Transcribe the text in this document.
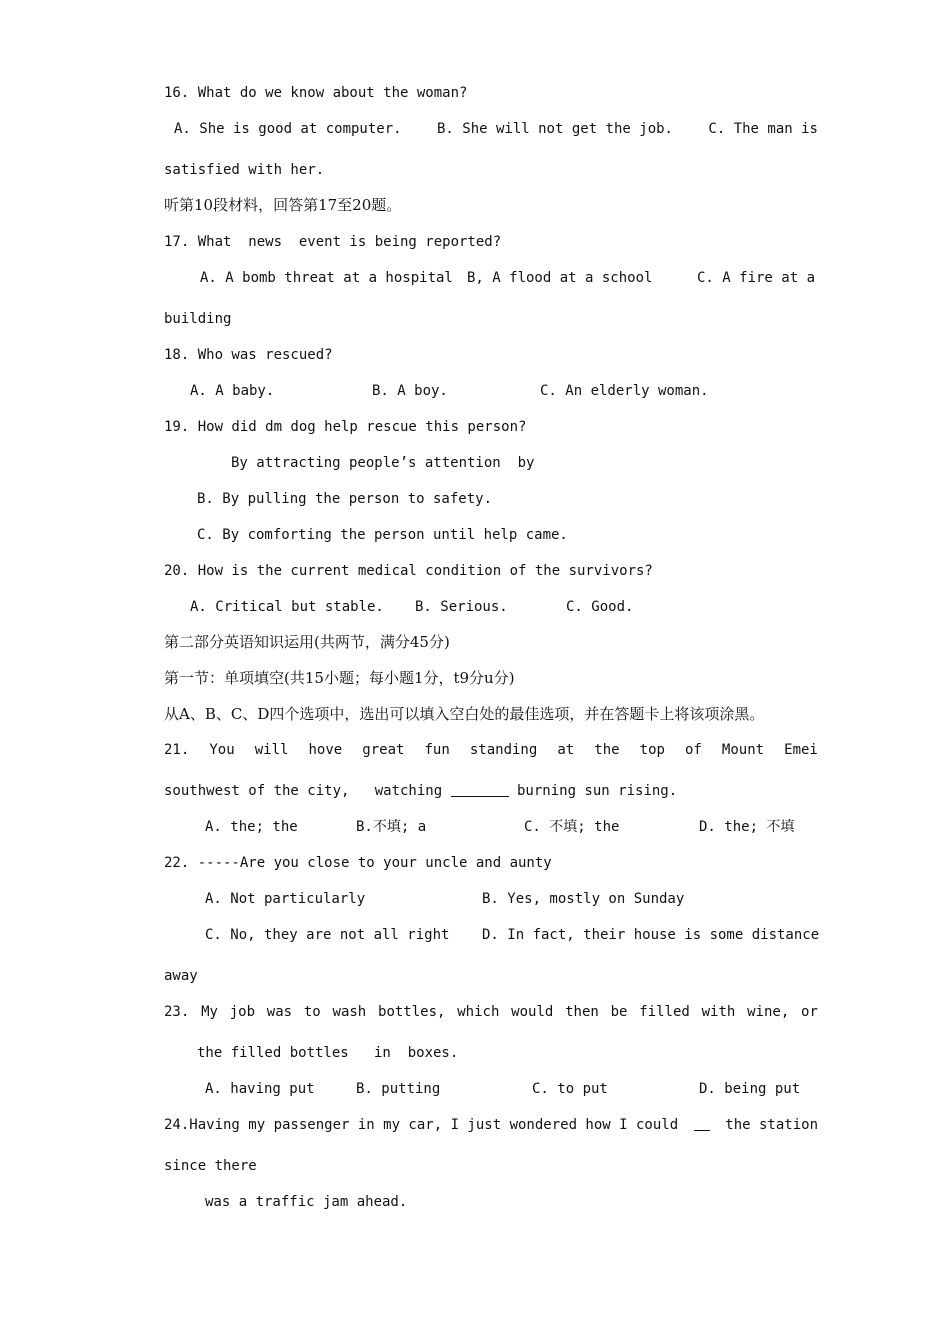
16. What do we know about the woman?
A. She is good at computer.	B. She will not get the job.	C. The man is
satisfied with her.
听第10段材料，回答第17至20题。
17. What  news  event is being reported?
A. A bomb threat at a hospital B, A flood at a school	C. A fire at a
building
18. Who was rescued?
A. A baby.	B. A boy.	C. An elderly woman.
19. How did dm dog help rescue this person?
By attracting people’s attention  by
B. By pulling the person to safety.
C. By comforting the person until help came.
20. How is the current medical condition of the survivors?
A. Critical but stable. B. Serious.	C. Good.
第二部分英语知识运用(共两节，满分45分)
第一节：单项填空(共15小题；每小题1分，t9分u分)
从A、B、C、D四个选项中，选出可以填入空白处的最佳选项，并在答题卡上将该项涂黑。
21. You will hove great fun standing at the top of Mount Emei
southwest of the city,   watching	burning sun rising.
A. the; the	B.不填; a	C. 不填; the	D. the; 不填
22. -----Are you close to your uncle and aunty
A. Not particularly	B. Yes, mostly on Sunday
C. No, they are not all right D. In fact, their house is some distance
away
23. My job was to wash bottles, which would then be filled with wine, or
the filled bottles   in  boxes.
A. having put	B. putting	C. to put	D. being put
24.Having my passenger in my car, I just wondered how I could	the station
since there
was a traffic jam ahead.
